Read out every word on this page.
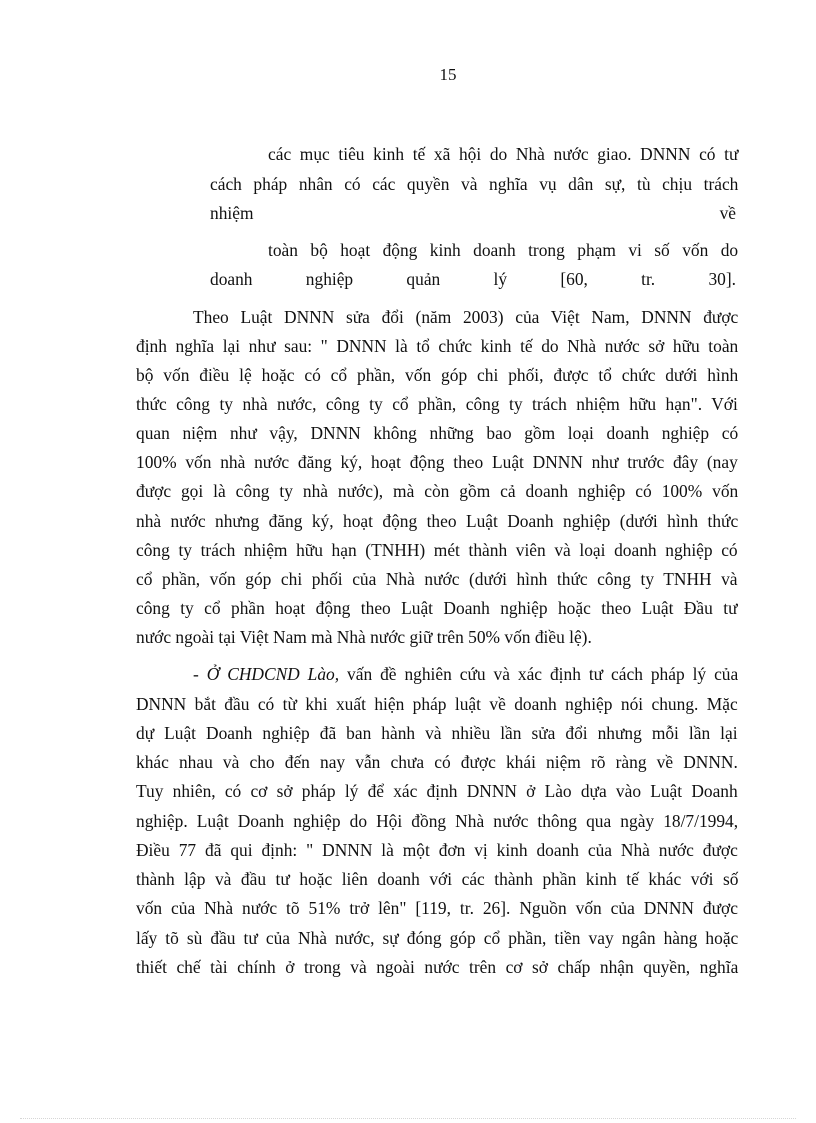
15
các mục tiêu kinh tế xã hội do Nhà nước giao. DNNN có tư
cách pháp nhân có các quyền và nghĩa vụ dân sự, tù chịu trách
nhiệm	về
toàn bộ hoạt động kinh doanh trong phạm vi số vốn do
doanh	nghiệp	quản	lý	[60,	tr.	30].
Theo Luật DNNN sửa đổi (năm 2003) của Việt Nam, DNNN được
định nghĩa lại như sau: " DNNN là tổ chức kinh tế do Nhà nước sở hữu toàn
bộ vốn điều lệ hoặc có cổ phần, vốn góp chi phối, được tổ chức dưới hình
thức công ty nhà nước, công ty cổ phần, công ty trách nhiệm hữu hạn". Với
quan niệm như vậy, DNNN không những bao gồm loại doanh nghiệp có
100% vốn nhà nước đăng ký, hoạt động theo Luật DNNN như trước đây (nay
được gọi là công ty nhà nước), mà còn gồm cả doanh nghiệp có 100% vốn
nhà nước nhưng đăng ký, hoạt động theo Luật Doanh nghiệp (dưới hình thức
công ty trách nhiệm hữu hạn (TNHH) mét thành viên và loại doanh nghiệp có
cổ phần, vốn góp chi phối của Nhà nước (dưới hình thức công ty TNHH và
công ty cổ phần hoạt động theo Luật Doanh nghiệp hoặc theo Luật Đầu tư
nước ngoài tại Việt Nam mà Nhà nước giữ trên 50% vốn điều lệ).
- Ở CHDCND Lào, vấn đề nghiên cứu và xác định tư cách pháp lý của
DNNN bắt đầu có từ khi xuất hiện pháp luật về doanh nghiệp nói chung. Mặc
dự Luật Doanh nghiệp đã ban hành và nhiều lần sửa đổi nhưng mỗi lần lại
khác nhau và cho đến nay vẫn chưa có được khái niệm rõ ràng về DNNN.
Tuy nhiên, có cơ sở pháp lý để xác định DNNN ở Lào dựa vào Luật Doanh
nghiệp. Luật Doanh nghiệp do Hội đồng Nhà nước thông qua ngày 18/7/1994,
Điều 77 đã qui định: " DNNN là một đơn vị kinh doanh của Nhà nước được
thành lập và đầu tư hoặc liên doanh với các thành phần kinh tế khác với số
vốn của Nhà nước tõ 51% trở lên" [119, tr. 26]. Nguồn vốn của DNNN được
lấy tõ sù đầu tư của Nhà nước, sự đóng góp cổ phần, tiền vay ngân hàng hoặc
thiết chế tài chính ở trong và ngoài nước trên cơ sở chấp nhận quyền, nghĩa
